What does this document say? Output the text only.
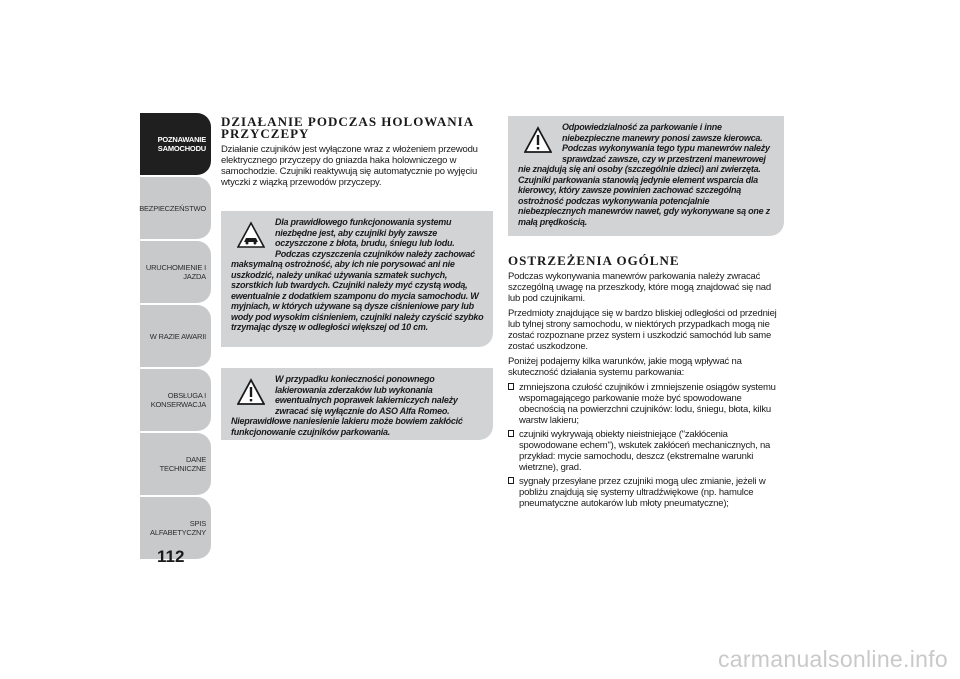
POZNAWANIE SAMOCHODU
BEZPIECZEŃSTWO
URUCHOMIENIE I JAZDA
W RAZIE AWARII
OBSŁUGA I KONSERWACJA
DANE TECHNICZNE
SPIS ALFABETYCZNY
112
DZIAŁANIE PODCZAS HOLOWANIA PRZYCZEPY

Działanie czujników jest wyłączone wraz z włożeniem przewodu elektrycznego przyczepy do gniazda haka holowniczego w samochodzie. Czujniki reaktywują się automatycznie po wyjęciu wtyczki z wiązką przewodów przyczepy.

Dla prawidłowego funkcjonowania systemu niezbędne jest, aby czujniki były zawsze oczyszczone z błota, brudu, śniegu lub lodu. Podczas czyszczenia czujników należy zachować maksymalną ostrożność, aby ich nie porysować ani nie uszkodzić, należy unikać używania szmatek suchych, szorstkich lub twardych. Czujniki należy myć czystą wodą, ewentualnie z dodatkiem szamponu do mycia samochodu. W myjniach, w których używane są dysze ciśnieniowe pary lub wody pod wysokim ciśnieniem, czujniki należy czyścić szybko trzymając dyszę w odległości większej od 10 cm.

W przypadku konieczności ponownego lakierowania zderzaków lub wykonania ewentualnych poprawek lakierniczych należy zwracać się wyłącznie do ASO Alfa Romeo. Nieprawidłowe naniesienie lakieru może bowiem zakłócić funkcjonowanie czujników parkowania.

Odpowiedzialność za parkowanie i inne niebezpieczne manewry ponosi zawsze kierowca. Podczas wykonywania tego typu manewrów należy sprawdzać zawsze, czy w przestrzeni manewrowej nie znajdują się ani osoby (szczególnie dzieci) ani zwierzęta. Czujniki parkowania stanowią jedynie element wsparcia dla kierowcy, który zawsze powinien zachować szczególną ostrożność podczas wykonywania potencjalnie niebezpiecznych manewrów nawet, gdy wykonywane są one z małą prędkością.

OSTRZEŻENIA OGÓLNE

Podczas wykonywania manewrów parkowania należy zwracać szczególną uwagę na przeszkody, które mogą znajdować się nad lub pod czujnikami.

Przedmioty znajdujące się w bardzo bliskiej odległości od przedniej lub tylnej strony samochodu, w niektórych przypadkach mogą nie zostać rozpoznane przez system i uszkodzić samochód lub same zostać uszkodzone.

Poniżej podajemy kilka warunków, jakie mogą wpływać na skuteczność działania systemu parkowania:

zmniejszona czułość czujników i zmniejszenie osiągów systemu wspomagającego parkowanie może być spowodowane obecnością na powierzchni czujników: lodu, śniegu, błota, kilku warstw lakieru;
czujniki wykrywają obiekty nieistniejące ("zakłócenia spowodowane echem"), wskutek zakłóceń mechanicznych, na przykład: mycie samochodu, deszcz (ekstremalne warunki wietrzne), grad.
sygnały przesyłane przez czujniki mogą ulec zmianie, jeżeli w pobliżu znajdują się systemy ultradźwiękowe (np. hamulce pneumatyczne autokarów lub młoty pneumatyczne);
carmanualsonline.info
